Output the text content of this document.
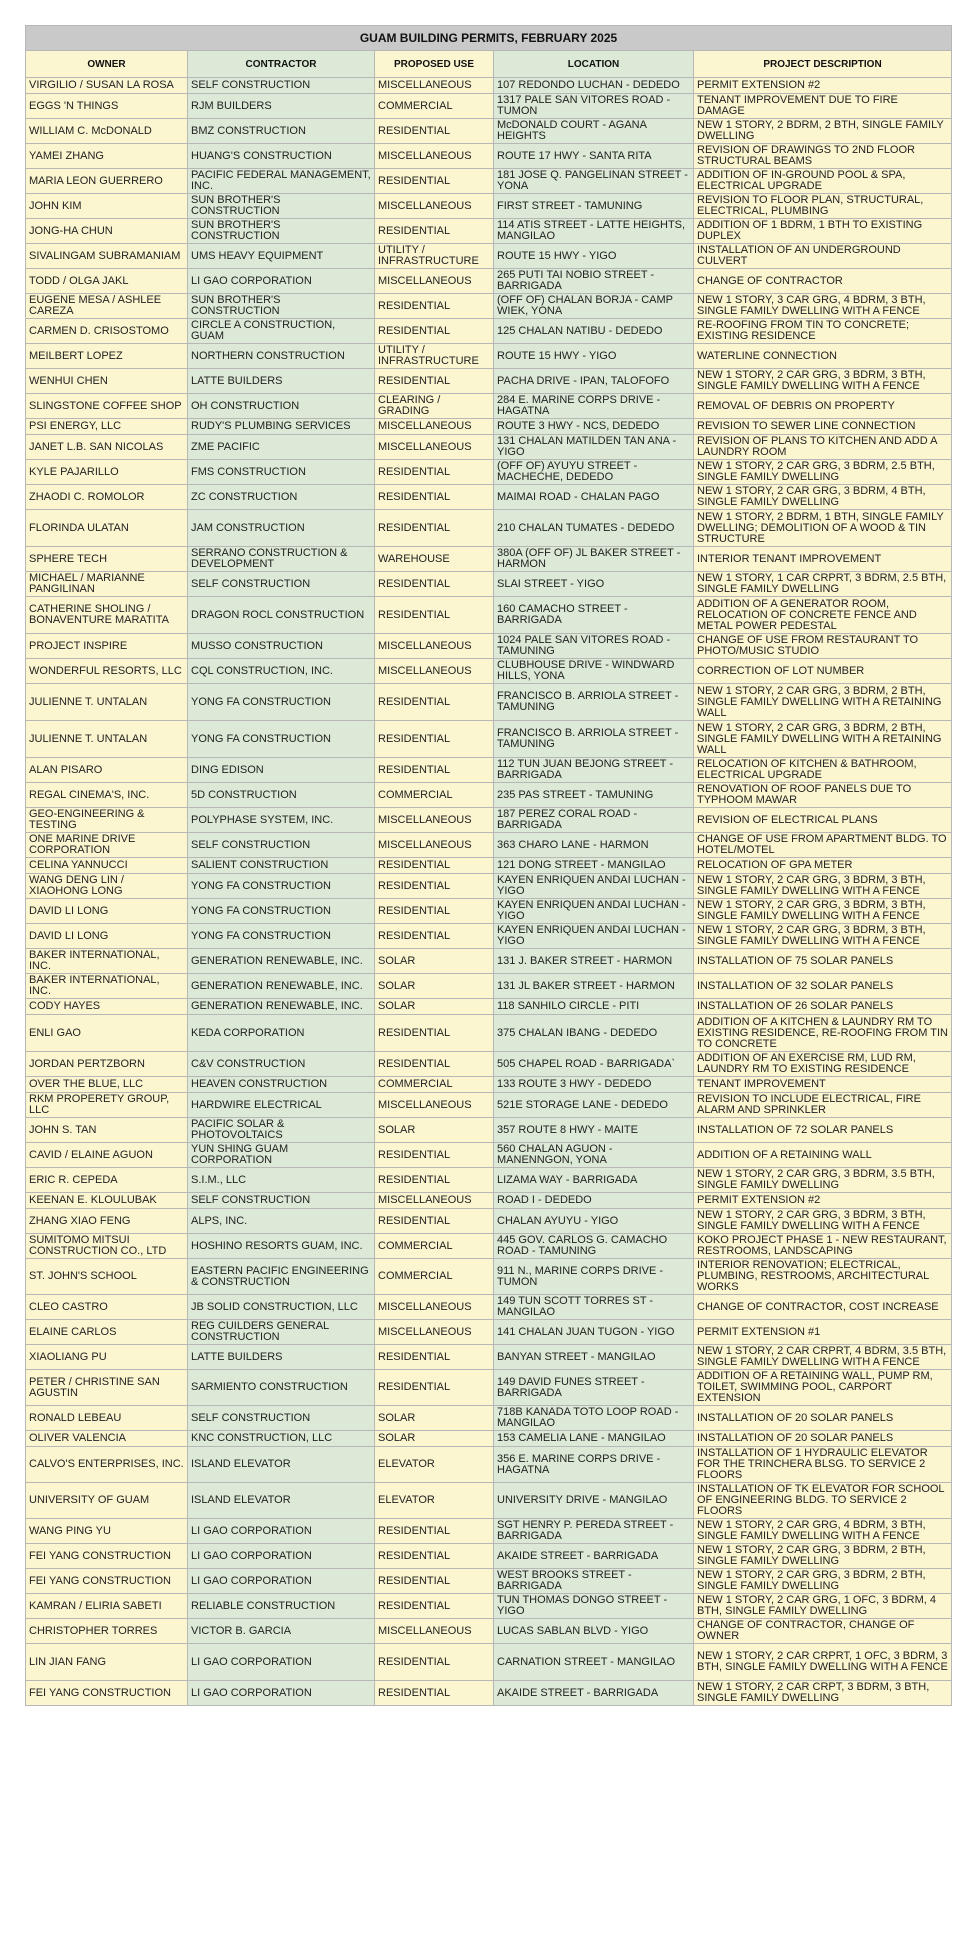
GUAM BUILDING PERMITS, FEBRUARY 2025				
OWNER	CONTRACTOR	PROPOSED USE	LOCATION	PROJECT DESCRIPTION
VIRGILIO / SUSAN LA ROSA	SELF CONSTRUCTION	MISCELLANEOUS	107 REDONDO LUCHAN - DEDEDO	PERMIT EXTENSION #2
EGGS 'N THINGS	RJM BUILDERS	COMMERCIAL	1317 PALE SAN VITORES ROAD - TUMON	TENANT IMPROVEMENT DUE TO FIRE DAMAGE
WILLIAM C. McDONALD	BMZ CONSTRUCTION	RESIDENTIAL	McDONALD COURT - AGANA HEIGHTS	NEW 1 STORY, 2 BDRM, 2 BTH, SINGLE FAMILY DWELLING
YAMEI ZHANG	HUANG'S CONSTRUCTION	MISCELLANEOUS	ROUTE 17 HWY - SANTA RITA	REVISION OF DRAWINGS TO 2ND FLOOR STRUCTURAL BEAMS
MARIA LEON GUERRERO	PACIFIC FEDERAL MANAGEMENT, INC.	RESIDENTIAL	181 JOSE Q. PANGELINAN STREET - YONA	ADDITION OF IN-GROUND POOL & SPA, ELECTRICAL UPGRADE
JOHN KIM	SUN BROTHER'S CONSTRUCTION	MISCELLANEOUS	FIRST STREET - TAMUNING	REVISION TO FLOOR PLAN, STRUCTURAL, ELECTRICAL, PLUMBING
JONG-HA CHUN	SUN BROTHER'S CONSTRUCTION	RESIDENTIAL	114 ATIS STREET - LATTE HEIGHTS, MANGILAO	ADDITION OF 1 BDRM, 1 BTH TO EXISTING DUPLEX
SIVALINGAM SUBRAMANIAM	UMS HEAVY EQUIPMENT	UTILITY / INFRASTRUCTURE	ROUTE 15 HWY - YIGO	INSTALLATION OF AN UNDERGROUND CULVERT
TODD / OLGA JAKL	LI GAO CORPORATION	MISCELLANEOUS	265 PUTI TAI NOBIO STREET - BARRIGADA	CHANGE OF CONTRACTOR
EUGENE MESA / ASHLEE CAREZA	SUN BROTHER'S CONSTRUCTION	RESIDENTIAL	(OFF OF) CHALAN BORJA - CAMP WIEK, YONA	NEW 1 STORY, 3 CAR GRG, 4 BDRM, 3 BTH, SINGLE FAMILY DWELLING WITH A FENCE
CARMEN D. CRISOSTOMO	CIRCLE A CONSTRUCTION, GUAM	RESIDENTIAL	125 CHALAN NATIBU - DEDEDO	RE-ROOFING FROM TIN TO CONCRETE; EXISTING RESIDENCE
MEILBERT LOPEZ	NORTHERN CONSTRUCTION	UTILITY / INFRASTRUCTURE	ROUTE 15 HWY - YIGO	WATERLINE CONNECTION
WENHUI CHEN	LATTE BUILDERS	RESIDENTIAL	PACHA DRIVE - IPAN, TALOFOFO	NEW 1 STORY, 2 CAR GRG, 3 BDRM, 3 BTH, SINGLE FAMILY DWELLING WITH A FENCE
SLINGSTONE COFFEE SHOP	OH CONSTRUCTION	CLEARING / GRADING	284 E. MARINE CORPS DRIVE - HAGATNA	REMOVAL OF DEBRIS ON PROPERTY
PSI ENERGY, LLC	RUDY'S PLUMBING SERVICES	MISCELLANEOUS	ROUTE 3 HWY - NCS, DEDEDO	REVISION TO SEWER LINE CONNECTION
JANET L.B. SAN NICOLAS	ZME PACIFIC	MISCELLANEOUS	131 CHALAN MATILDEN TAN ANA - YIGO	REVISION OF PLANS TO KITCHEN AND ADD A LAUNDRY ROOM
KYLE PAJARILLO	FMS CONSTRUCTION	RESIDENTIAL	(OFF OF) AYUYU STREET - MACHECHE, DEDEDO	NEW 1 STORY, 2 CAR GRG, 3 BDRM, 2.5 BTH, SINGLE FAMILY DWELLING
ZHAODI C. ROMOLOR	ZC CONSTRUCTION	RESIDENTIAL	MAIMAI ROAD - CHALAN PAGO	NEW 1 STORY, 2 CAR GRG, 3 BDRM, 4 BTH, SINGLE FAMILY DWELLING
FLORINDA ULATAN	JAM CONSTRUCTION	RESIDENTIAL	210 CHALAN TUMATES - DEDEDO	NEW 1 STORY, 2 BDRM, 1 BTH, SINGLE FAMILY DWELLING; DEMOLITION OF A WOOD & TIN STRUCTURE
SPHERE TECH	SERRANO CONSTRUCTION & DEVELOPMENT	WAREHOUSE	380A (OFF OF) JL BAKER STREET - HARMON	INTERIOR TENANT IMPROVEMENT
MICHAEL / MARIANNE PANGILINAN	SELF CONSTRUCTION	RESIDENTIAL	SLAI STREET - YIGO	NEW 1 STORY, 1 CAR CRPRT, 3 BDRM, 2.5 BTH, SINGLE FAMILY DWELLING
CATHERINE SHOLING / BONAVENTURE MARATITA	DRAGON ROCL CONSTRUCTION	RESIDENTIAL	160 CAMACHO STREET - BARRIGADA	ADDITION OF A GENERATOR ROOM, RELOCATION OF CONCRETE FENCE AND METAL POWER PEDESTAL
PROJECT INSPIRE	MUSSO CONSTRUCTION	MISCELLANEOUS	1024 PALE SAN VITORES ROAD - TAMUNING	CHANGE OF USE FROM RESTAURANT TO PHOTO/MUSIC STUDIO
WONDERFUL RESORTS, LLC	CQL CONSTRUCTION, INC.	MISCELLANEOUS	CLUBHOUSE DRIVE - WINDWARD HILLS, YONA	CORRECTION OF LOT NUMBER
JULIENNE T. UNTALAN	YONG FA CONSTRUCTION	RESIDENTIAL	FRANCISCO B. ARRIOLA STREET - TAMUNING	NEW 1 STORY, 2 CAR GRG, 3 BDRM, 2 BTH, SINGLE FAMILY DWELLING WITH A RETAINING WALL
JULIENNE T. UNTALAN	YONG FA CONSTRUCTION	RESIDENTIAL	FRANCISCO B. ARRIOLA STREET - TAMUNING	NEW 1 STORY, 2 CAR GRG, 3 BDRM, 2 BTH, SINGLE FAMILY DWELLING WITH A RETAINING WALL
ALAN PISARO	DING EDISON	RESIDENTIAL	112 TUN JUAN BEJONG STREET - BARRIGADA	RELOCATION OF KITCHEN & BATHROOM, ELECTRICAL UPGRADE
REGAL CINEMA'S, INC.	5D CONSTRUCTION	COMMERCIAL	235 PAS STREET - TAMUNING	RENOVATION OF ROOF PANELS DUE TO TYPHOOM MAWAR
GEO-ENGINEERING & TESTING	POLYPHASE SYSTEM, INC.	MISCELLANEOUS	187 PEREZ CORAL ROAD - BARRIGADA	REVISION OF ELECTRICAL PLANS
ONE MARINE DRIVE CORPORATION	SELF CONSTRUCTION	MISCELLANEOUS	363 CHARO LANE - HARMON	CHANGE OF USE FROM APARTMENT BLDG. TO HOTEL/MOTEL
CELINA YANNUCCI	SALIENT CONSTRUCTION	RESIDENTIAL	121 DONG STREET - MANGILAO	RELOCATION OF GPA METER
WANG DENG LIN / XIAOHONG LONG	YONG FA CONSTRUCTION	RESIDENTIAL	KAYEN ENRIQUEN ANDAI LUCHAN - YIGO	NEW 1 STORY, 2 CAR GRG, 3 BDRM, 3 BTH, SINGLE FAMILY DWELLING WITH A FENCE
DAVID LI LONG	YONG FA CONSTRUCTION	RESIDENTIAL	KAYEN ENRIQUEN ANDAI LUCHAN - YIGO	NEW 1 STORY, 2 CAR GRG, 3 BDRM, 3 BTH, SINGLE FAMILY DWELLING WITH A FENCE
DAVID LI LONG	YONG FA CONSTRUCTION	RESIDENTIAL	KAYEN ENRIQUEN ANDAI LUCHAN - YIGO	NEW 1 STORY, 2 CAR GRG, 3 BDRM, 3 BTH, SINGLE FAMILY DWELLING WITH A FENCE
BAKER INTERNATIONAL, INC.	GENERATION RENEWABLE, INC.	SOLAR	131 J. BAKER STREET - HARMON	INSTALLATION OF 75 SOLAR PANELS
BAKER INTERNATIONAL, INC.	GENERATION RENEWABLE, INC.	SOLAR	131 JL BAKER STREET - HARMON	INSTALLATION OF 32 SOLAR PANELS
CODY HAYES	GENERATION RENEWABLE, INC.	SOLAR	118 SANHILO CIRCLE - PITI	INSTALLATION OF 26 SOLAR PANELS
ENLI GAO	KEDA CORPORATION	RESIDENTIAL	375 CHALAN IBANG - DEDEDO	ADDITION OF A KITCHEN & LAUNDRY RM TO EXISTING RESIDENCE, RE-ROOFING FROM TIN TO CONCRETE
JORDAN PERTZBORN	C&V CONSTRUCTION	RESIDENTIAL	505 CHAPEL ROAD - BARRIGADA`	ADDITION OF AN EXERCISE RM, LUD RM, LAUNDRY RM TO EXISTING RESIDENCE
OVER THE BLUE, LLC	HEAVEN CONSTRUCTION	COMMERCIAL	133 ROUTE 3 HWY - DEDEDO	TENANT IMPROVEMENT
RKM PROPERETY GROUP, LLC	HARDWIRE ELECTRICAL	MISCELLANEOUS	521E STORAGE LANE - DEDEDO	REVISION TO INCLUDE ELECTRICAL, FIRE ALARM AND SPRINKLER
JOHN S. TAN	PACIFIC SOLAR & PHOTOVOLTAICS	SOLAR	357 ROUTE 8 HWY - MAITE	INSTALLATION OF 72 SOLAR PANELS
CAVID / ELAINE AGUON	YUN SHING GUAM CORPORATION	RESIDENTIAL	560 CHALAN AGUON - MANENNGON, YONA	ADDITION OF A RETAINING WALL
ERIC R. CEPEDA	S.I.M., LLC	RESIDENTIAL	LIZAMA WAY - BARRIGADA	NEW 1 STORY, 2 CAR GRG, 3 BDRM, 3.5 BTH, SINGLE FAMILY DWELLING
KEENAN E. KLOULUBAK	SELF CONSTRUCTION	MISCELLANEOUS	ROAD I - DEDEDO	PERMIT EXTENSION #2
ZHANG XIAO FENG	ALPS, INC.	RESIDENTIAL	CHALAN AYUYU - YIGO	NEW 1 STORY, 2 CAR GRG, 3 BDRM, 3 BTH, SINGLE FAMILY DWELLING WITH A FENCE
SUMITOMO MITSUI CONSTRUCTION CO., LTD	HOSHINO RESORTS GUAM, INC.	COMMERCIAL	445 GOV. CARLOS G. CAMACHO ROAD - TAMUNING	KOKO PROJECT PHASE 1 - NEW RESTAURANT, RESTROOMS, LANDSCAPING
ST. JOHN'S SCHOOL	EASTERN PACIFIC ENGINEERING & CONSTRUCTION	COMMERCIAL	911 N., MARINE CORPS DRIVE - TUMON	INTERIOR RENOVATION; ELECTRICAL, PLUMBING, RESTROOMS, ARCHITECTURAL WORKS
CLEO CASTRO	JB SOLID CONSTRUCTION, LLC	MISCELLANEOUS	149 TUN SCOTT TORRES ST - MANGILAO	CHANGE OF CONTRACTOR, COST INCREASE
ELAINE CARLOS	REG CUILDERS GENERAL CONSTRUCTION	MISCELLANEOUS	141 CHALAN JUAN TUGON - YIGO	PERMIT EXTENSION #1
XIAOLIANG PU	LATTE BUILDERS	RESIDENTIAL	BANYAN STREET - MANGILAO	NEW 1 STORY, 2 CAR CRPRT, 4 BDRM, 3.5 BTH, SINGLE FAMILY DWELLING WITH A FENCE
PETER / CHRISTINE SAN AGUSTIN	SARMIENTO CONSTRUCTION	RESIDENTIAL	149 DAVID FUNES STREET - BARRIGADA	ADDITION OF A RETAINING WALL, PUMP RM, TOILET, SWIMMING POOL, CARPORT EXTENSION
RONALD LEBEAU	SELF CONSTRUCTION	SOLAR	718B KANADA TOTO LOOP ROAD - MANGILAO	INSTALLATION OF 20 SOLAR PANELS
OLIVER VALENCIA	KNC CONSTRUCTION, LLC	SOLAR	153 CAMELIA LANE - MANGILAO	INSTALLATION OF 20 SOLAR PANELS
CALVO'S ENTERPRISES, INC.	ISLAND ELEVATOR	ELEVATOR	356 E. MARINE CORPS DRIVE -HAGATNA	INSTALLATION OF 1 HYDRAULIC ELEVATOR FOR THE TRINCHERA BLSG. TO SERVICE 2 FLOORS
UNIVERSITY OF GUAM	ISLAND ELEVATOR	ELEVATOR	UNIVERSITY DRIVE - MANGILAO	INSTALLATION OF TK ELEVATOR FOR SCHOOL OF ENGINEERING BLDG. TO SERVICE 2 FLOORS
WANG PING YU	LI GAO CORPORATION	RESIDENTIAL	SGT HENRY P. PEREDA STREET - BARRIGADA	NEW 1 STORY, 2 CAR GRG, 4 BDRM, 3 BTH, SINGLE FAMILY DWELLING WITH A FENCE
FEI YANG CONSTRUCTION	LI GAO CORPORATION	RESIDENTIAL	AKAIDE STREET - BARRIGADA	NEW 1 STORY, 2 CAR GRG, 3 BDRM, 2 BTH, SINGLE FAMILY DWELLING
FEI YANG CONSTRUCTION	LI GAO CORPORATION	RESIDENTIAL	WEST BROOKS STREET - BARRIGADA	NEW 1 STORY, 2 CAR GRG, 3 BDRM, 2 BTH, SINGLE FAMILY DWELLING
KAMRAN / ELIRIA SABETI	RELIABLE CONSTRUCTION	RESIDENTIAL	TUN THOMAS DONGO STREET - YIGO	NEW 1 STORY, 2 CAR GRG, 1 OFC, 3 BDRM, 4 BTH, SINGLE FAMILY DWELLING
CHRISTOPHER TORRES	VICTOR B. GARCIA	MISCELLANEOUS	LUCAS SABLAN BLVD - YIGO	CHANGE OF CONTRACTOR, CHANGE OF OWNER
LIN JIAN FANG	LI GAO CORPORATION	RESIDENTIAL	CARNATION STREET - MANGILAO	NEW 1 STORY, 2 CAR CRPRT, 1 OFC, 3 BDRM, 3 BTH, SINGLE FAMILY DWELLING WITH A FENCE
FEI YANG CONSTRUCTION	LI GAO CORPORATION	RESIDENTIAL	AKAIDE STREET - BARRIGADA	NEW 1 STORY, 2 CAR CRPT, 3 BDRM, 3 BTH, SINGLE FAMILY DWELLING
